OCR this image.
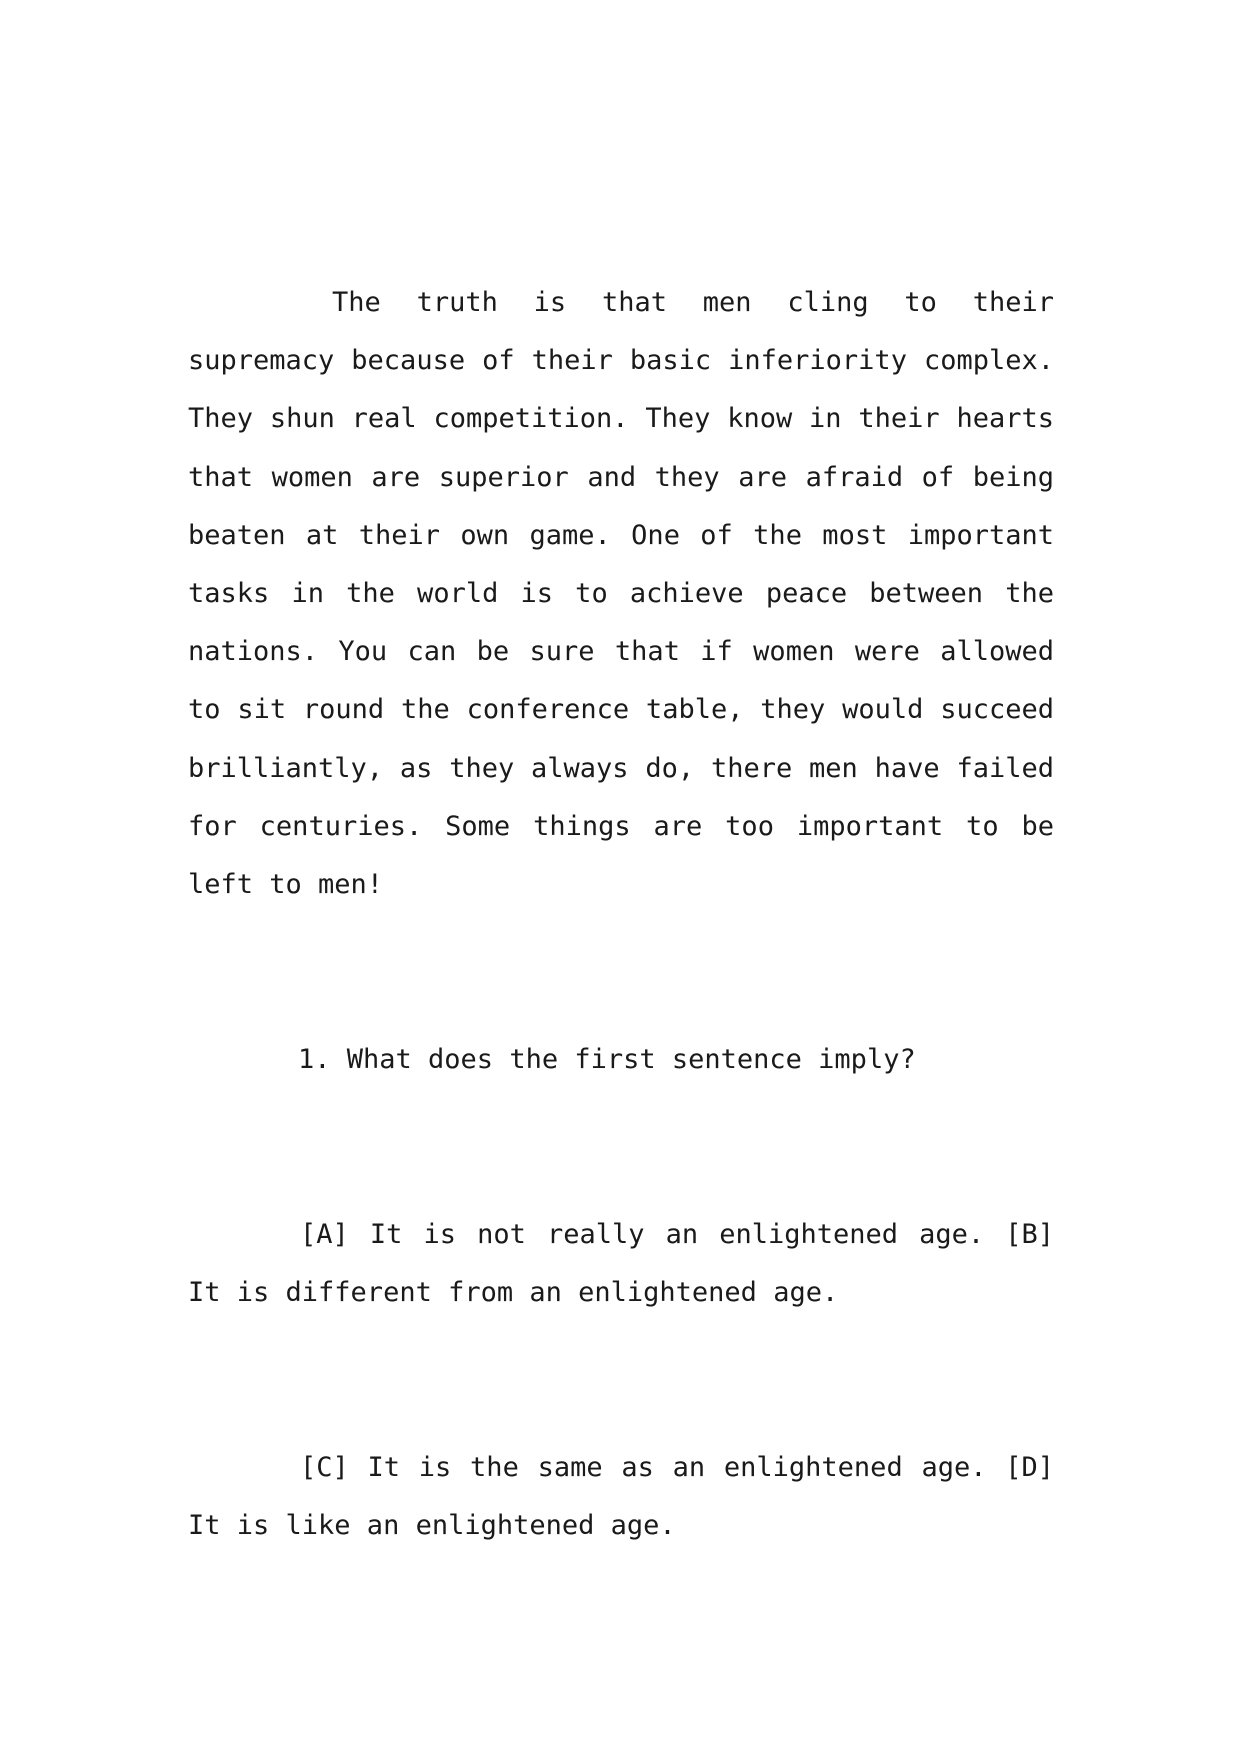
The truth is that men cling to their supremacy because of their basic inferiority complex. They shun real competition. They know in their hearts that women are superior and they are afraid of being beaten at their own game. One of the most important tasks in the world is to achieve peace between the nations. You can be sure that if women were allowed to sit round the conference table, they would succeed brilliantly, as they always do, there men have failed for centuries. Some things are too important to be left to men!

1. What does the first sentence imply?

[A] It is not really an enlightened age. [B] It is different from an enlightened age.

[C] It is the same as an enlightened age. [D] It is like an enlightened age.
